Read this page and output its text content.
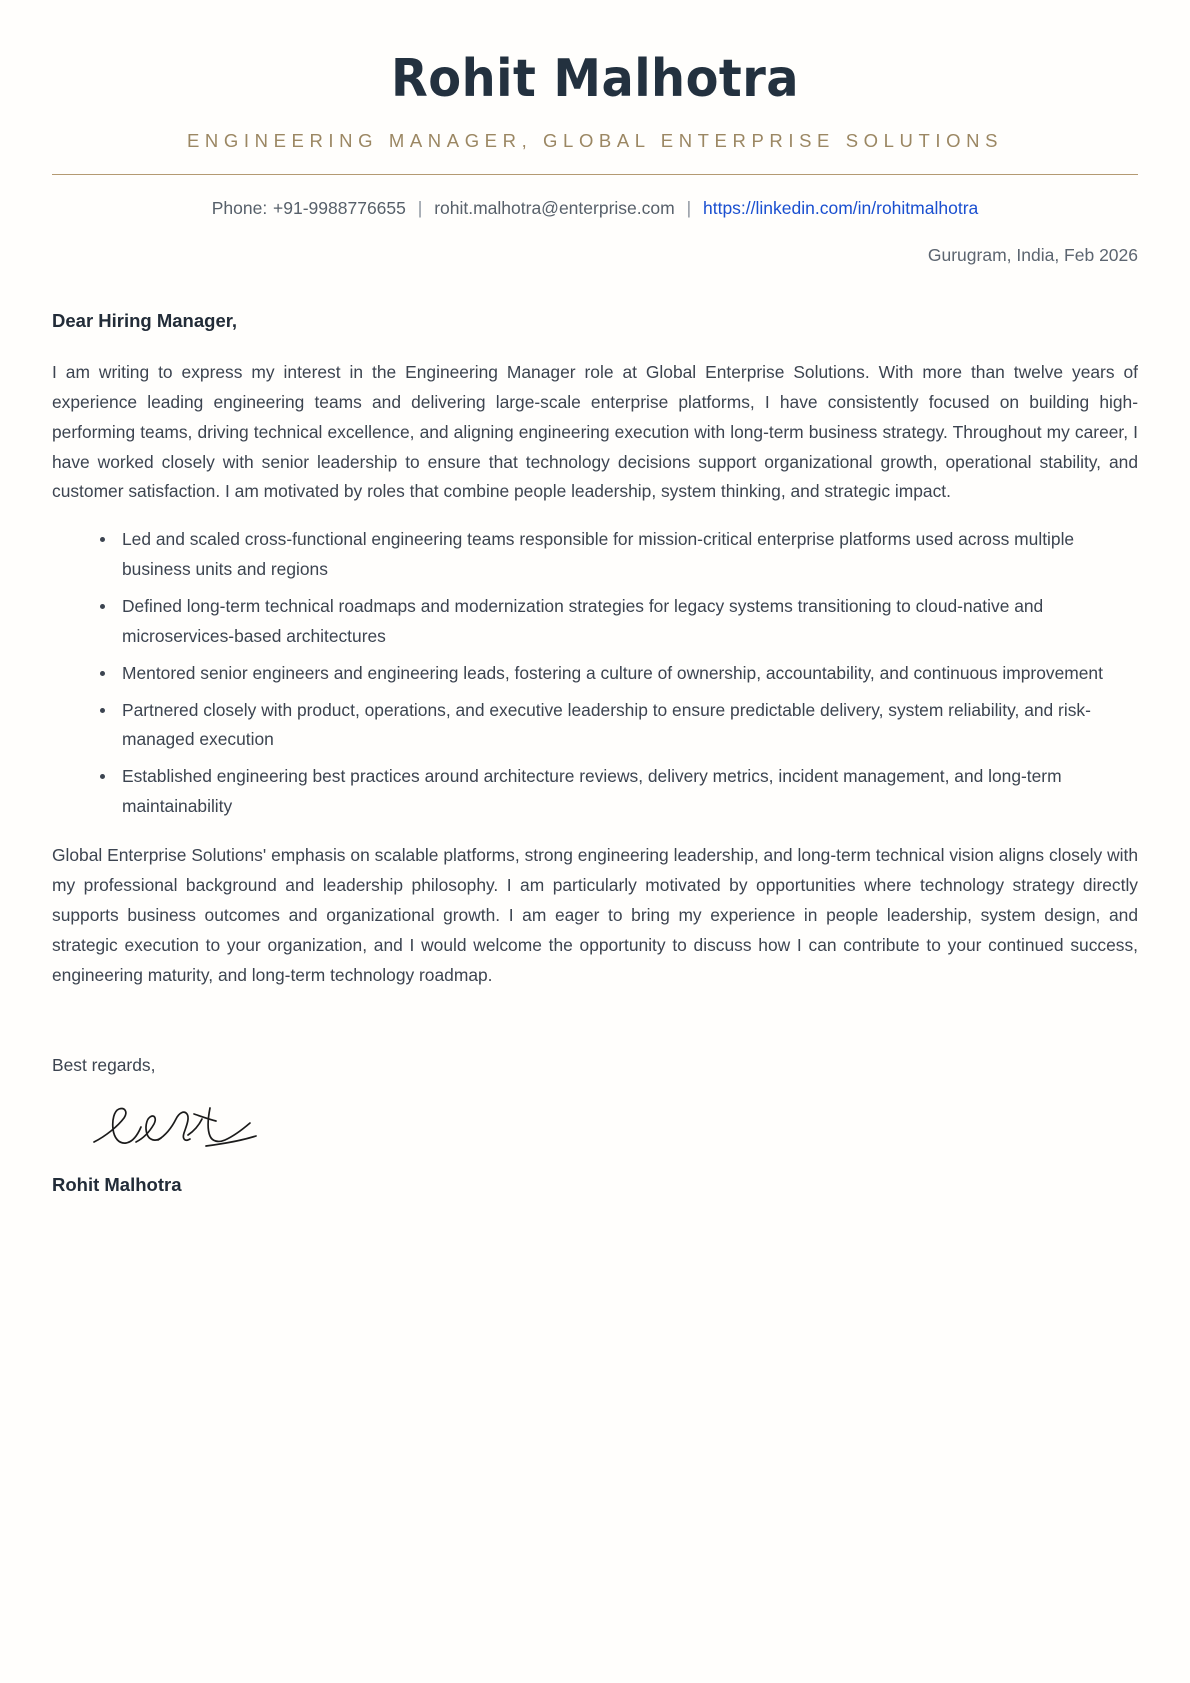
Rohit Malhotra
ENGINEERING MANAGER, GLOBAL ENTERPRISE SOLUTIONS
Phone: +91-9988776655 | rohit.malhotra@enterprise.com | https://linkedin.com/in/rohitmalhotra
Gurugram, India, Feb 2026
Dear Hiring Manager,

I am writing to express my interest in the Engineering Manager role at Global Enterprise Solutions. With more than twelve years of experience leading engineering teams and delivering large-scale enterprise platforms, I have consistently focused on building high-performing teams, driving technical excellence, and aligning engineering execution with long-term business strategy. Throughout my career, I have worked closely with senior leadership to ensure that technology decisions support organizational growth, operational stability, and customer satisfaction. I am motivated by roles that combine people leadership, system thinking, and strategic impact.

Led and scaled cross-functional engineering teams responsible for mission-critical enterprise platforms used across multiple business units and regions
Defined long-term technical roadmaps and modernization strategies for legacy systems transitioning to cloud-native and microservices-based architectures
Mentored senior engineers and engineering leads, fostering a culture of ownership, accountability, and continuous improvement
Partnered closely with product, operations, and executive leadership to ensure predictable delivery, system reliability, and risk-managed execution
Established engineering best practices around architecture reviews, delivery metrics, incident management, and long-term maintainability

Global Enterprise Solutions' emphasis on scalable platforms, strong engineering leadership, and long-term technical vision aligns closely with my professional background and leadership philosophy. I am particularly motivated by opportunities where technology strategy directly supports business outcomes and organizational growth. I am eager to bring my experience in people leadership, system design, and strategic execution to your organization, and I would welcome the opportunity to discuss how I can contribute to your continued success, engineering maturity, and long-term technology roadmap.

Best regards,
Rohit Malhotra
